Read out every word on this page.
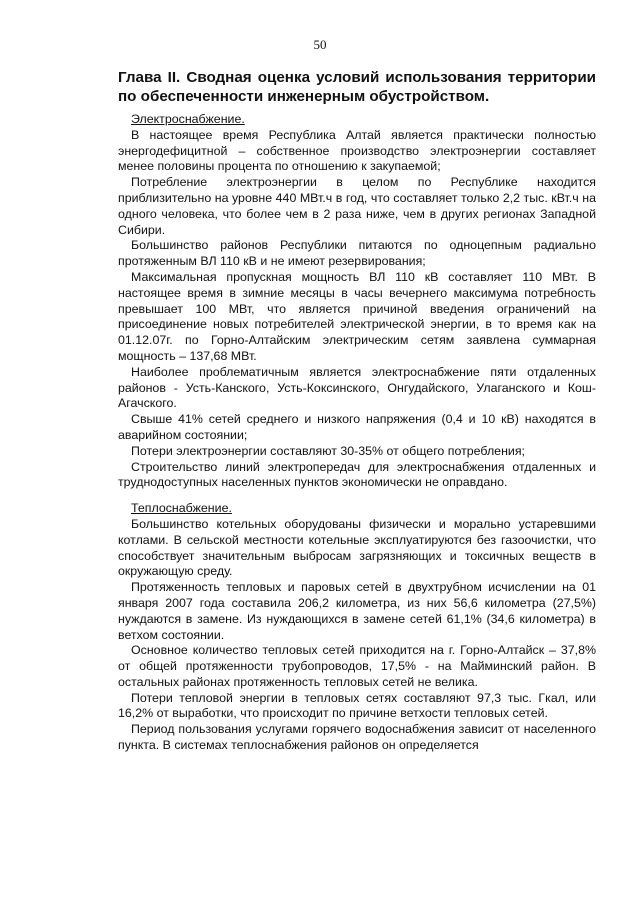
50
Глава II. Сводная оценка условий использования территории по обеспеченности инженерным обустройством.

Электроснабжение.

В настоящее время Республика Алтай является практически полностью энергодефицитной – собственное производство электроэнергии составляет менее половины процента по отношению к закупаемой;

Потребление электроэнергии в целом по Республике находится приблизительно на уровне 440 МВт.ч в год, что составляет только 2,2 тыс. кВт.ч на одного человека, что более чем в 2 раза ниже, чем в других регионах Западной Сибири.

Большинство районов Республики питаются по одноцепным радиально протяженным ВЛ 110 кВ и не имеют резервирования;

Максимальная пропускная мощность ВЛ 110 кВ составляет 110 МВт. В настоящее время в зимние месяцы в часы вечернего максимума потребность превышает 100 МВт, что является причиной введения ограничений на присоединение новых потребителей электрической энергии, в то время как на 01.12.07г. по Горно-Алтайским электрическим сетям заявлена суммарная мощность – 137,68 МВт.

Наиболее проблематичным является электроснабжение пяти отдаленных районов - Усть-Канского, Усть-Коксинского, Онгудайского, Улаганского и Кош-Агачского.

Свыше 41% сетей среднего и низкого напряжения (0,4 и 10 кВ) находятся в аварийном состоянии;

Потери электроэнергии составляют 30-35% от общего потребления;

Строительство линий электропередач для электроснабжения отдаленных и труднодоступных населенных пунктов экономически не оправдано.

Теплоснабжение.

Большинство котельных оборудованы физически и морально устаревшими котлами. В сельской местности котельные эксплуатируются без газоочистки, что способствует значительным выбросам загрязняющих и токсичных веществ в окружающую среду.

Протяженность тепловых и паровых сетей в двухтрубном исчислении на 01 января 2007 года составила 206,2 километра, из них 56,6 километра (27,5%) нуждаются в замене. Из нуждающихся в замене сетей 61,1% (34,6 километра) в ветхом состоянии.

Основное количество тепловых сетей приходится на г. Горно-Алтайск – 37,8% от общей протяженности трубопроводов, 17,5% - на Майминский район. В остальных районах протяженность тепловых сетей не велика.

Потери тепловой энергии в тепловых сетях составляют 97,3 тыс. Гкал, или 16,2% от выработки, что происходит по причине ветхости тепловых сетей.

Период пользования услугами горячего водоснабжения зависит от населенного пункта. В системах теплоснабжения районов он определяется
